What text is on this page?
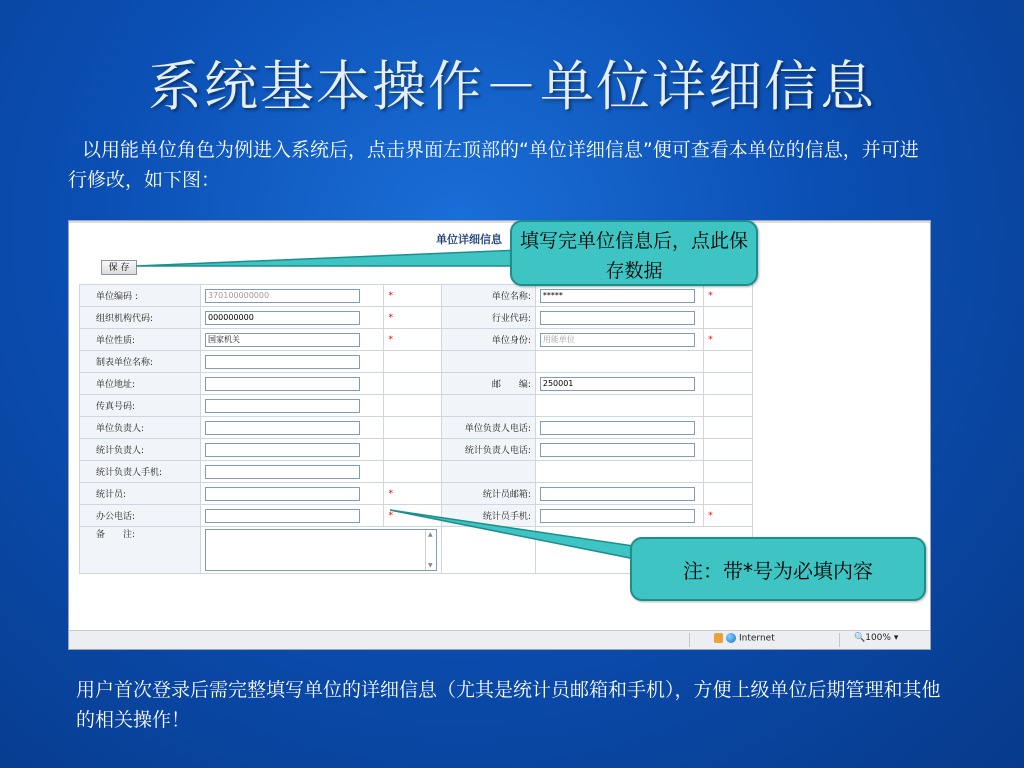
系统基本操作－单位详细信息

以用能单位角色为例进入系统后，点击界面左顶部的“单位详细信息”便可查看本单位的信息，并可进行修改，如下图：

单位详细信息
保 存
单位编码 :	370100000000	*	单位名称:	*****	*
组织机构代码:	000000000	*	行业代码:	

单位性质:	国家机关	*	单位身份:	用能单位	*
制表单位名称:	

单位地址:			邮　　编:	250001	

传真号码:	

单位负责人:			单位负责人电话:	

统计负责人:			统计负责人电话:	

统计负责人手机:	

统计员:		*	统计员邮箱:	

办公电话:		*	统计员手机:		*
备　　注:	▲
▼				

Internet	🔍100% ▾
填写完单位信息后，点此保存数据
注：带*号为必填内容

用户首次登录后需完整填写单位的详细信息（尤其是统计员邮箱和手机），方便上级单位后期管理和其他的相关操作！
